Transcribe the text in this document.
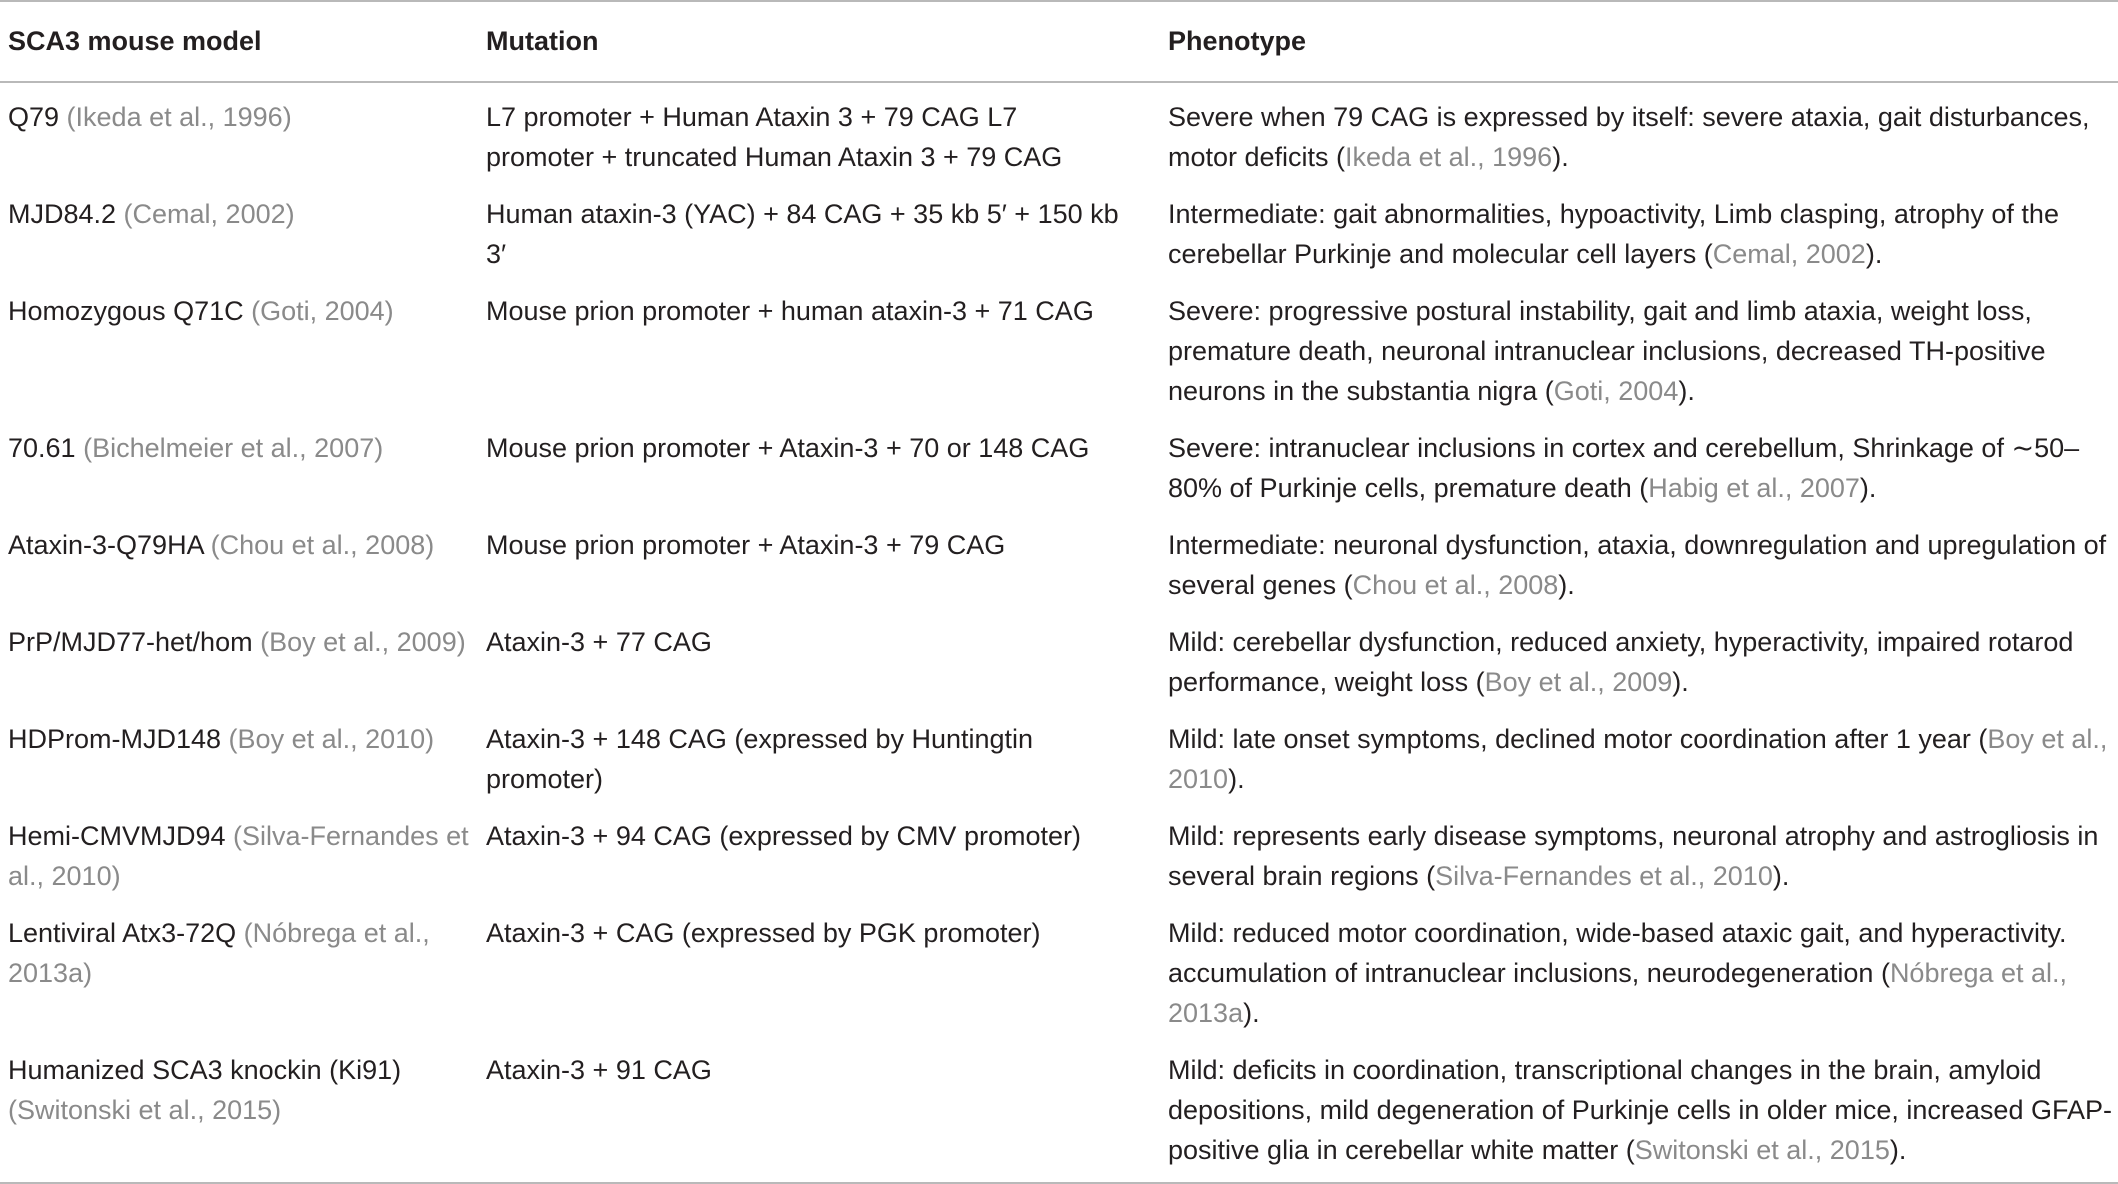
SCA3 mouse model	Mutation	Phenotype
Q79 (Ikeda et al., 1996)	L7 promoter + Human Ataxin 3 + 79 CAG L7 promoter + truncated Human Ataxin 3 + 79 CAG	Severe when 79 CAG is expressed by itself: severe ataxia, gait disturbances, motor deficits (Ikeda et al., 1996).
MJD84.2 (Cemal, 2002)	Human ataxin-3 (YAC) + 84 CAG + 35 kb 5′ + 150 kb 3′	Intermediate: gait abnormalities, hypoactivity, Limb clasping, atrophy of the cerebellar Purkinje and molecular cell layers (Cemal, 2002).
Homozygous Q71C (Goti, 2004)	Mouse prion promoter + human ataxin-3 + 71 CAG	Severe: progressive postural instability, gait and limb ataxia, weight loss, premature death, neuronal intranuclear inclusions, decreased TH-positive neurons in the substantia nigra (Goti, 2004).
70.61 (Bichelmeier et al., 2007)	Mouse prion promoter + Ataxin-3 + 70 or 148 CAG	Severe: intranuclear inclusions in cortex and cerebellum, Shrinkage of ∼50–80% of Purkinje cells, premature death (Habig et al., 2007).
Ataxin-3-Q79HA (Chou et al., 2008)	Mouse prion promoter + Ataxin-3 + 79 CAG	Intermediate: neuronal dysfunction, ataxia, downregulation and upregulation of several genes (Chou et al., 2008).
PrP/MJD77-het/hom (Boy et al., 2009)	Ataxin-3 + 77 CAG	Mild: cerebellar dysfunction, reduced anxiety, hyperactivity, impaired rotarod performance, weight loss (Boy et al., 2009).
HDProm-MJD148 (Boy et al., 2010)	Ataxin-3 + 148 CAG (expressed by Huntingtin promoter)	Mild: late onset symptoms, declined motor coordination after 1 year (Boy et al., 2010).
Hemi-CMVMJD94 (Silva-Fernandes et al., 2010)	Ataxin-3 + 94 CAG (expressed by CMV promoter)	Mild: represents early disease symptoms, neuronal atrophy and astrogliosis in several brain regions (Silva-Fernandes et al., 2010).
Lentiviral Atx3-72Q (Nóbrega et al., 2013a)	Ataxin-3 + CAG (expressed by PGK promoter)	Mild: reduced motor coordination, wide-based ataxic gait, and hyperactivity. accumulation of intranuclear inclusions, neurodegeneration (Nóbrega et al., 2013a).
Humanized SCA3 knockin (Ki91) (Switonski et al., 2015)	Ataxin-3 + 91 CAG	Mild: deficits in coordination, transcriptional changes in the brain, amyloid depositions, mild degeneration of Purkinje cells in older mice, increased GFAP-positive glia in cerebellar white matter (Switonski et al., 2015).
